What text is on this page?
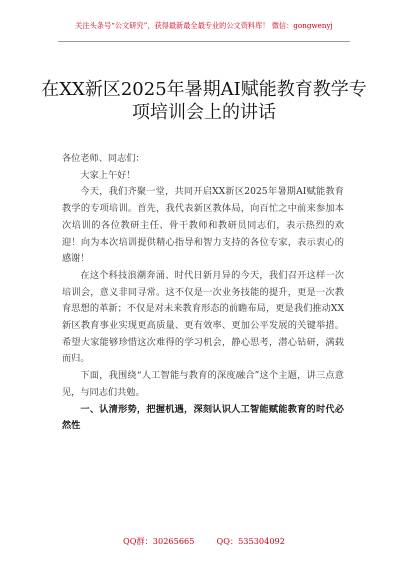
关注头条号“公文研究”，获得最新最全最专业的公文资料库！ 微信：gongwenyj
在XX新区2025年暑期AI赋能教育教学专项培训会上的讲话

各位老师、同志们：

大家上午好！

今天，我们齐聚一堂，共同开启XX新区2025年暑期AI赋能教育教学的专项培训。首先，我代表新区教体局，向百忙之中前来参加本次培训的各位教研主任、骨干教师和教研员同志们，表示热烈的欢迎！向为本次培训提供精心指导和智力支持的各位专家，表示衷心的感谢！

在这个科技浪潮奔涌、时代日新月异的今天，我们召开这样一次培训会，意义非同寻常。这不仅是一次业务技能的提升，更是一次教育思想的革新；不仅是对未来教育形态的前瞻布局，更是我们推动XX新区教育事业实现更高质量、更有效率、更加公平发展的关键举措。希望大家能够珍惜这次难得的学习机会，静心思考，潜心钻研，满载而归。

下面，我围绕“人工智能与教育的深度融合”这个主题，讲三点意见，与同志们共勉。

一、认清形势，把握机遇，深刻认识人工智能赋能教育的时代必然性

QQ群：30265665	QQ：535304092
